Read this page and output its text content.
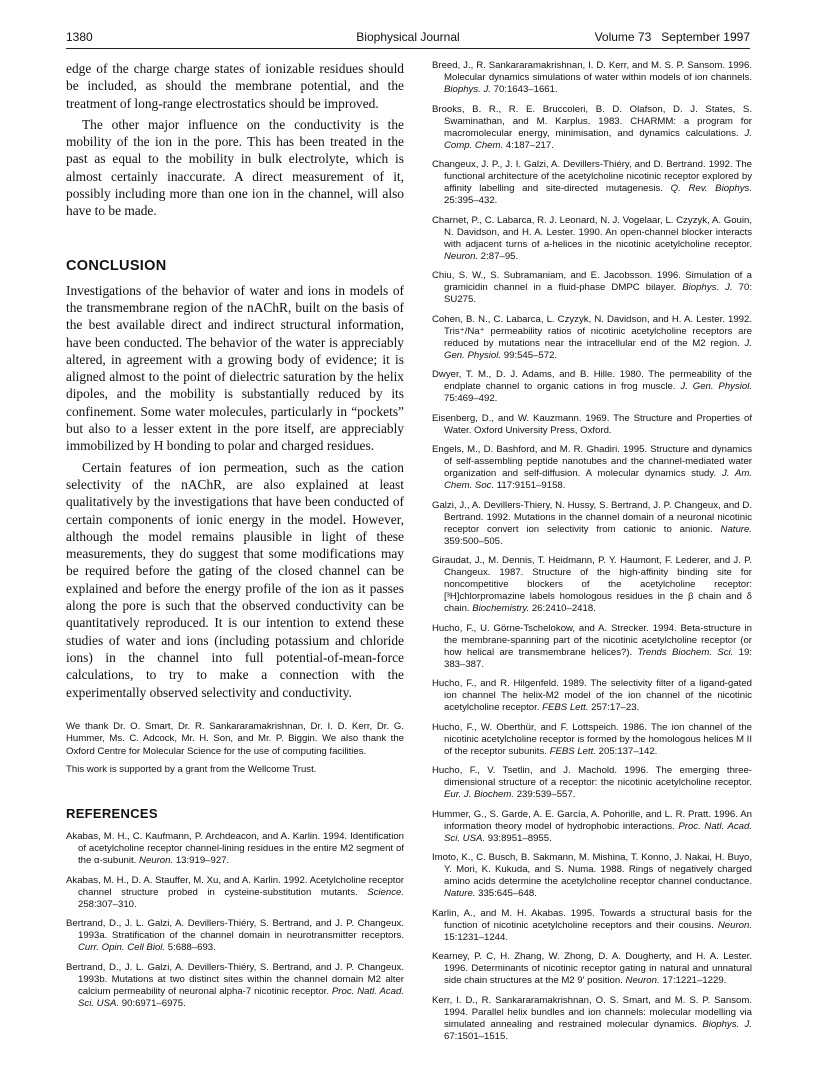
1380	Biophysical Journal	Volume 73   September 1997

edge of the charge charge states of ionizable residues should be included, as should the membrane potential, and the treatment of long-range electrostatics should be improved.

The other major influence on the conductivity is the mobility of the ion in the pore. This has been treated in the past as equal to the mobility in bulk electrolyte, which is almost certainly inaccurate. A direct measurement of it, possibly including more than one ion in the channel, will also have to be made.

CONCLUSION

Investigations of the behavior of water and ions in models of the transmembrane region of the nAChR, built on the basis of the best available direct and indirect structural information, have been conducted. The behavior of the water is appreciably altered, in agreement with a growing body of evidence; it is aligned almost to the point of dielectric saturation by the helix dipoles, and the mobility is substantially reduced by its confinement. Some water molecules, particularly in “pockets” but also to a lesser extent in the pore itself, are appreciably immobilized by H bonding to polar and charged residues.

Certain features of ion permeation, such as the cation selectivity of the nAChR, are also explained at least qualitatively by the investigations that have been conducted of certain components of ionic energy in the model. However, although the model remains plausible in light of these measurements, they do suggest that some modifications may be required before the gating of the closed channel can be explained and before the energy profile of the ion as it passes along the pore is such that the observed conductivity can be quantitatively reproduced. It is our intention to extend these studies of water and ions (including potassium and chloride ions) in the channel into full potential-of-mean-force calculations, to try to make a connection with the experimentally observed selectivity and conductivity.

We thank Dr. O. Smart, Dr. R. Sankararamakrishnan, Dr. I. D. Kerr, Dr. G. Hummer, Ms. C. Adcock, Mr. H. Son, and Mr. P. Biggin. We also thank the Oxford Centre for Molecular Science for the use of computing facilities.

This work is supported by a grant from the Wellcome Trust.

REFERENCES

Akabas, M. H., C. Kaufmann, P. Archdeacon, and A. Karlin. 1994. Identification of acetylcholine receptor channel-lining residues in the entire M2 segment of the α-subunit. Neuron. 13:919–927.

Akabas, M. H., D. A. Stauffer, M. Xu, and A. Karlin. 1992. Acetylcholine receptor channel structure probed in cysteine-substitution mutants. Science. 258:307–310.

Bertrand, D., J. L. Galzi, A. Devillers-Thiéry, S. Bertrand, and J. P. Changeux. 1993a. Stratification of the channel domain in neurotransmitter receptors. Curr. Opin. Cell Biol. 5:688–693.

Bertrand, D., J. L. Galzi, A. Devillers-Thiéry, S. Bertrand, and J. P. Changeux. 1993b. Mutations at two distinct sites within the channel domain M2 alter calcium permeability of neuronal alpha-7 nicotinic receptor. Proc. Natl. Acad. Sci. USA. 90:6971–6975.

Breed, J., R. Sankararamakrishnan, I. D. Kerr, and M. S. P. Sansom. 1996. Molecular dynamics simulations of water within models of ion channels. Biophys. J. 70:1643–1661.

Brooks, B. R., R. E. Bruccoleri, B. D. Olafson, D. J. States, S. Swaminathan, and M. Karplus. 1983. CHARMM: a program for macromolecular energy, minimisation, and dynamics calculations. J. Comp. Chem. 4:187–217.

Changeux, J. P., J. I. Galzi, A. Devillers-Thiéry, and D. Bertrand. 1992. The functional architecture of the acetylcholine nicotinic receptor explored by affinity labelling and site-directed mutagenesis. Q. Rev. Biophys. 25:395–432.

Charnet, P., C. Labarca, R. J. Leonard, N. J. Vogelaar, L. Czyzyk, A. Gouin, N. Davidson, and H. A. Lester. 1990. An open-channel blocker interacts with adjacent turns of a-helices in the nicotinic acetylcholine receptor. Neuron. 2:87–95.

Chiu, S. W., S. Subramaniam, and E. Jacobsson. 1996. Simulation of a gramicidin channel in a fluid-phase DMPC bilayer. Biophys. J. 70: SU275.

Cohen, B. N., C. Labarca, L. Czyzyk, N. Davidson, and H. A. Lester. 1992. Tris⁺/Na⁺ permeability ratios of nicotinic acetylcholine receptors are reduced by mutations near the intracellular end of the M2 region. J. Gen. Physiol. 99:545–572.

Dwyer, T. M., D. J. Adams, and B. Hille. 1980. The permeability of the endplate channel to organic cations in frog muscle. J. Gen. Physiol. 75:469–492.

Eisenberg, D., and W. Kauzmann. 1969. The Structure and Properties of Water. Oxford University Press, Oxford.

Engels, M., D. Bashford, and M. R. Ghadiri. 1995. Structure and dynamics of self-assembling peptide nanotubes and the channel-mediated water organization and self-diffusion. A molecular dynamics study. J. Am. Chem. Soc. 117:9151–9158.

Galzi, J., A. Devillers-Thiery, N. Hussy, S. Bertrand, J. P. Changeux, and D. Bertrand. 1992. Mutations in the channel domain of a neuronal nicotinic receptor convert ion selectivity from cationic to anionic. Nature. 359:500–505.

Giraudat, J., M. Dennis, T. Heidmann, P. Y. Haumont, F. Lederer, and J. P. Changeux. 1987. Structure of the high-affinity binding site for noncompetitive blockers of the acetylcholine receptor: [³H]chlorpromazine labels homologous residues in the β chain and δ chain. Biochemistry. 26:2410–2418.

Hucho, F., U. Görne-Tschelokow, and A. Strecker. 1994. Beta-structure in the membrane-spanning part of the nicotinic acetylcholine receptor (or how helical are transmembrane helices?). Trends Biochem. Sci. 19: 383–387.

Hucho, F., and R. Hilgenfeld. 1989. The selectivity filter of a ligand-gated ion channel The helix-M2 model of the ion channel of the nicotinic acetylcholine receptor. FEBS Lett. 257:17–23.

Hucho, F., W. Oberthür, and F. Lottspeich. 1986. The ion channel of the nicotinic acetylcholine receptor is formed by the homologous helices M II of the receptor subunits. FEBS Lett. 205:137–142.

Hucho, F., V. Tsetlin, and J. Machold. 1996. The emerging three-dimensional structure of a receptor: the nicotinic acetylcholine receptor. Eur. J. Biochem. 239:539–557.

Hummer, G., S. Garde, A. E. García, A. Pohorille, and L. R. Pratt. 1996. An information theory model of hydrophobic interactions. Proc. Natl. Acad. Sci. USA. 93:8951–8955.

Imoto, K., C. Busch, B. Sakmann, M. Mishina, T. Konno, J. Nakai, H. Buyo, Y. Mori, K. Kukuda, and S. Numa. 1988. Rings of negatively charged amino acids determine the acetylcholine receptor channel conductance. Nature. 335:645–648.

Karlin, A., and M. H. Akabas. 1995. Towards a structural basis for the function of nicotinic acetylcholine receptors and their cousins. Neuron. 15:1231–1244.

Kearney, P. C, H. Zhang, W. Zhong, D. A. Dougherty, and H. A. Lester. 1996. Determinants of nicotinic receptor gating in natural and unnatural side chain structures at the M2 9′ position. Neuron. 17:1221–1229.

Kerr, I. D., R. Sankararamakrishnan, O. S. Smart, and M. S. P. Sansom. 1994. Parallel helix bundles and ion channels: molecular modelling via simulated annealing and restrained molecular dynamics. Biophys. J. 67:1501–1515.
